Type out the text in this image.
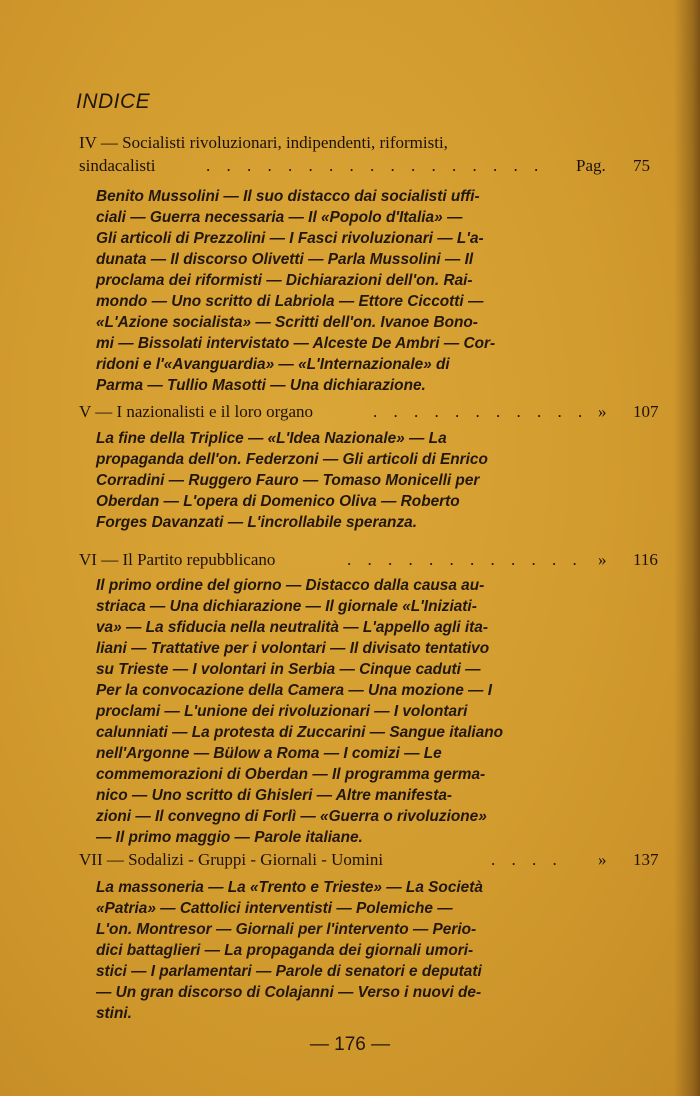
INDICE
IV — Socialisti rivoluzionari, indipendenti, riformisti,
sindacalisti	. . . . . . . . . . . . . . . . . Pag. 75
Benito Mussolini — Il suo distacco dai socialisti uffi-
ciali — Guerra necessaria — Il «Popolo d'Italia» —
Gli articoli di Prezzolini — I Fasci rivoluzionari — L'a-
dunata — Il discorso Olivetti — Parla Mussolini — Il
proclama dei riformisti — Dichiarazioni dell'on. Rai-
mondo — Uno scritto di Labriola — Ettore Ciccotti —
«L'Azione socialista» — Scritti dell'on. Ivanoe Bono-
mi — Bissolati intervistato — Alceste De Ambri — Cor-
ridoni e l'«Avanguardia» — «L'Internazionale» di
Parma — Tullio Masotti — Una dichiarazione.
V — I nazionalisti e il loro organo	. . . . . . . . . . . » 107
La fine della Triplice — «L'Idea Nazionale» — La
propaganda dell'on. Federzoni — Gli articoli di Enrico
Corradini — Ruggero Fauro — Tomaso Monicelli per
Oberdan — L'opera di Domenico Oliva — Roberto
Forges Davanzati — L'incrollabile speranza.
VI — Il Partito repubblicano	. . . . . . . . . . . . » 116
Il primo ordine del giorno — Distacco dalla causa au-
striaca — Una dichiarazione — Il giornale «L'Iniziati-
va» — La sfiducia nella neutralità — L'appello agli ita-
liani — Trattative per i volontari — Il divisato tentativo
su Trieste — I volontari in Serbia — Cinque caduti —
Per la convocazione della Camera — Una mozione — I
proclami — L'unione dei rivoluzionari — I volontari
calunniati — La protesta di Zuccarini — Sangue italiano
nell'Argonne — Bülow a Roma — I comizi — Le
commemorazioni di Oberdan — Il programma germa-
nico — Uno scritto di Ghisleri — Altre manifesta-
zioni — Il convegno di Forlì — «Guerra o rivoluzione»
— Il primo maggio — Parole italiane.
VII — Sodalizi - Gruppi - Giornali - Uomini	. . . . » 137
La massoneria — La «Trento e Trieste» — La Società
«Patria» — Cattolici interventisti — Polemiche —
L'on. Montresor — Giornali per l'intervento — Perio-
dici battaglieri — La propaganda dei giornali umori-
stici — I parlamentari — Parole di senatori e deputati
— Un gran discorso di Colajanni — Verso i nuovi de-
stini.
— 176 —
